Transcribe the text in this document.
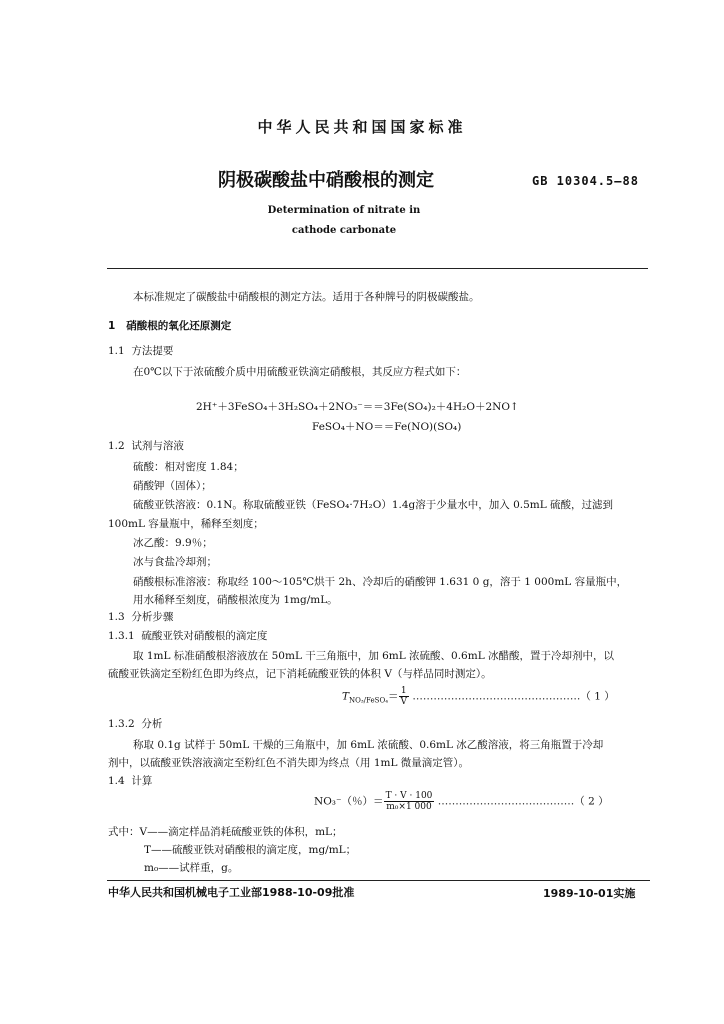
中华人民共和国国家标准
阴极碳酸盐中硝酸根的测定	GB 10304.5—88
Determination of nitrate in
cathode carbonate
本标准规定了碳酸盐中硝酸根的测定方法。适用于各种牌号的阴极碳酸盐。
1 硝酸根的氧化还原测定
1.1 方法提要
在0℃以下于浓硫酸介质中用硫酸亚铁滴定硝酸根，其反应方程式如下：
2H⁺＋3FeSO₄＋3H₂SO₄＋2NO₃⁻＝＝3Fe(SO₄)₂＋4H₂O＋2NO↑
FeSO₄＋NO＝＝Fe(NO)(SO₄)
1.2 试剂与溶液
硫酸：相对密度 1.84；
硝酸钾（固体）；
硫酸亚铁溶液：0.1N。称取硫酸亚铁（FeSO₄·7H₂O）1.4g溶于少量水中，加入 0.5mL 硫酸，过滤到
100mL 容量瓶中，稀释至刻度；
冰乙酸：9.9％；
冰与食盐冷却剂；
硝酸根标准溶液：称取经 100～105℃烘干 2h、冷却后的硝酸钾 1.631 0 g，溶于 1 000mL 容量瓶中，
用水稀释至刻度，硝酸根浓度为 1mg/mL。
1.3 分析步骤
1.3.1 硫酸亚铁对硝酸根的滴定度
取 1mL 标准硝酸根溶液放在 50mL 干三角瓶中，加 6mL 浓硫酸、0.6mL 冰醋酸，置于冷却剂中，以
硫酸亚铁滴定至粉红色即为终点，记下消耗硫酸亚铁的体积 V（与样品同时测定）。
$T_{NO_3/FeSO_4}= \frac{1}{V}$ …………………………………………（ 1 ）
1.3.2 分析
称取 0.1g 试样于 50mL 干燥的三角瓶中，加 6mL 浓硫酸、0.6mL 冰乙酸溶液，将三角瓶置于冷却
剂中，以硫酸亚铁溶液滴定至粉红色不消失即为终点（用 1mL 微量滴定管）。
1.4 计算
NO₃⁻（％）＝ $\frac{T \cdot V \cdot 100}{\text{m₀×1 000}}$ …………………………………（ 2 ）
式中：V——滴定样品消耗硫酸亚铁的体积，mL；
T——硫酸亚铁对硝酸根的滴定度，mg/mL；
m₀——试样重，g。
中华人民共和国机械电子工业部1988-10-09批准	1989-10-01实施
